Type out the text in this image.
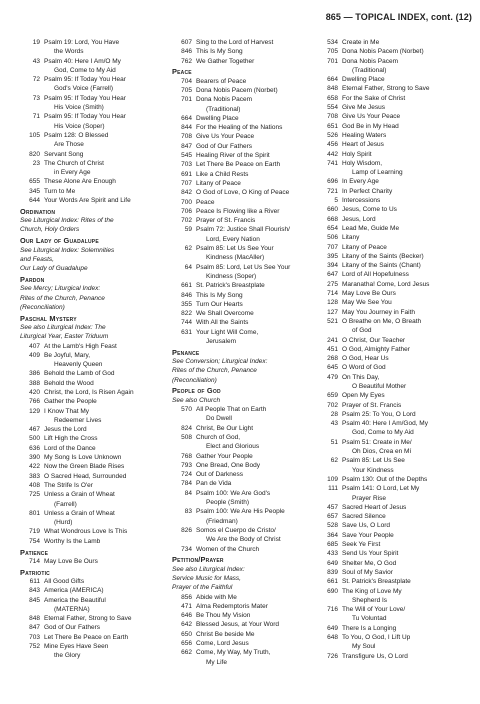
865 — TOPICAL INDEX, cont. (12)
19 Psalm 19: Lord, You Have
the Words
43 Psalm 40: Here I Am/O My
God, Come to My Aid
72 Psalm 95: If Today You Hear
God's Voice (Farrell)
73 Psalm 95: If Today You Hear
His Voice (Smith)
71 Psalm 95: If Today You Hear
His Voice (Soper)
105 Psalm 128: O Blessed
Are Those
820 Servant Song
23 The Church of Christ
in Every Age
655 These Alone Are Enough
345 Turn to Me
644 Your Words Are Spirit and Life
Ordination
See Liturgical Index: Rites of the
Church, Holy Orders
Our Lady of Guadalupe
See Liturgical Index: Solemnities
and Feasts,
Our Lady of Guadalupe
Pardon
See Mercy; Liturgical Index:
Rites of the Church, Penance
(Reconciliation)
Paschal Mystery
See also Liturgical Index: The
Liturgical Year, Easter Triduum
407 At the Lamb's High Feast
409 Be Joyful, Mary,
Heavenly Queen
386 Behold the Lamb of God
388 Behold the Wood
420 Christ, the Lord, Is Risen Again
766 Gather the People
129 I Know That My
Redeemer Lives
467 Jesus the Lord
500 Lift High the Cross
636 Lord of the Dance
390 My Song Is Love Unknown
422 Now the Green Blade Rises
383 O Sacred Head, Surrounded
408 The Strife Is O'er
725 Unless a Grain of Wheat
(Farrell)
801 Unless a Grain of Wheat
(Hurd)
719 What Wondrous Love Is This
754 Worthy Is the Lamb
Patience
714 May Love Be Ours
Patriotic
611 All Good Gifts
843 America (AMERICA)
845 America the Beautiful
(MATERNA)
848 Eternal Father, Strong to Save
847 God of Our Fathers
703 Let There Be Peace on Earth
752 Mine Eyes Have Seen
the Glory
607 Sing to the Lord of Harvest
846 This Is My Song
762 We Gather Together
Peace
704 Bearers of Peace
705 Dona Nobis Pacem (Norbet)
701 Dona Nobis Pacem
(Traditional)
664 Dwelling Place
844 For the Healing of the Nations
708 Give Us Your Peace
847 God of Our Fathers
545 Healing River of the Spirit
703 Let There Be Peace on Earth
691 Like a Child Rests
707 Litany of Peace
842 O God of Love, O King of Peace
700 Peace
706 Peace Is Flowing like a River
702 Prayer of St. Francis
59 Psalm 72: Justice Shall Flourish/
Lord, Every Nation
62 Psalm 85: Let Us See Your
Kindness (MacAller)
64 Psalm 85: Lord, Let Us See Your
Kindness (Soper)
661 St. Patrick's Breastplate
846 This Is My Song
355 Turn Our Hearts
822 We Shall Overcome
744 With All the Saints
631 Your Light Will Come,
Jerusalem
Penance
See Conversion; Liturgical Index:
Rites of the Church, Penance
(Reconciliation)
People of God
See also Church
570 All People That on Earth
Do Dwell
824 Christ, Be Our Light
508 Church of God,
Elect and Glorious
768 Gather Your People
793 One Bread, One Body
724 Out of Darkness
784 Pan de Vida
84 Psalm 100: We Are God's
People (Smith)
83 Psalm 100: We Are His People
(Friedman)
826 Somos el Cuerpo de Cristo/
We Are the Body of Christ
734 Women of the Church
Petition/Prayer
See also Liturgical Index:
Service Music for Mass,
Prayer of the Faithful
856 Abide with Me
471 Alma Redemptoris Mater
646 Be Thou My Vision
642 Blessed Jesus, at Your Word
650 Christ Be beside Me
656 Come, Lord Jesus
662 Come, My Way, My Truth,
My Life
534 Create in Me
705 Dona Nobis Pacem (Norbet)
701 Dona Nobis Pacem
(Traditional)
664 Dwelling Place
848 Eternal Father, Strong to Save
658 For the Sake of Christ
554 Give Me Jesus
708 Give Us Your Peace
651 God Be in My Head
526 Healing Waters
456 Heart of Jesus
442 Holy Spirit
741 Holy Wisdom,
Lamp of Learning
696 In Every Age
721 In Perfect Charity
5 Intercessions
660 Jesus, Come to Us
668 Jesus, Lord
654 Lead Me, Guide Me
506 Litany
707 Litany of Peace
395 Litany of the Saints (Becker)
394 Litany of the Saints (Chant)
647 Lord of All Hopefulness
275 Maranatha! Come, Lord Jesus
714 May Love Be Ours
128 May We See You
127 May You Journey in Faith
521 O Breathe on Me, O Breath
of God
241 O Christ, Our Teacher
451 O God, Almighty Father
268 O God, Hear Us
645 O Word of God
479 On This Day,
O Beautiful Mother
659 Open My Eyes
702 Prayer of St. Francis
28 Psalm 25: To You, O Lord
43 Psalm 40: Here I Am/God, My
God, Come to My Aid
51 Psalm 51: Create in Me/
Oh Dios, Crea en Mí
62 Psalm 85: Let Us See
Your Kindness
109 Psalm 130: Out of the Depths
111 Psalm 141: O Lord, Let My
Prayer Rise
457 Sacred Heart of Jesus
657 Sacred Silence
528 Save Us, O Lord
364 Save Your People
685 Seek Ye First
433 Send Us Your Spirit
649 Shelter Me, O God
839 Soul of My Savior
661 St. Patrick's Breastplate
690 The King of Love My
Shepherd Is
716 The Will of Your Love/
Tu Voluntad
649 There Is a Longing
648 To You, O God, I Lift Up
My Soul
726 Transfigure Us, O Lord
